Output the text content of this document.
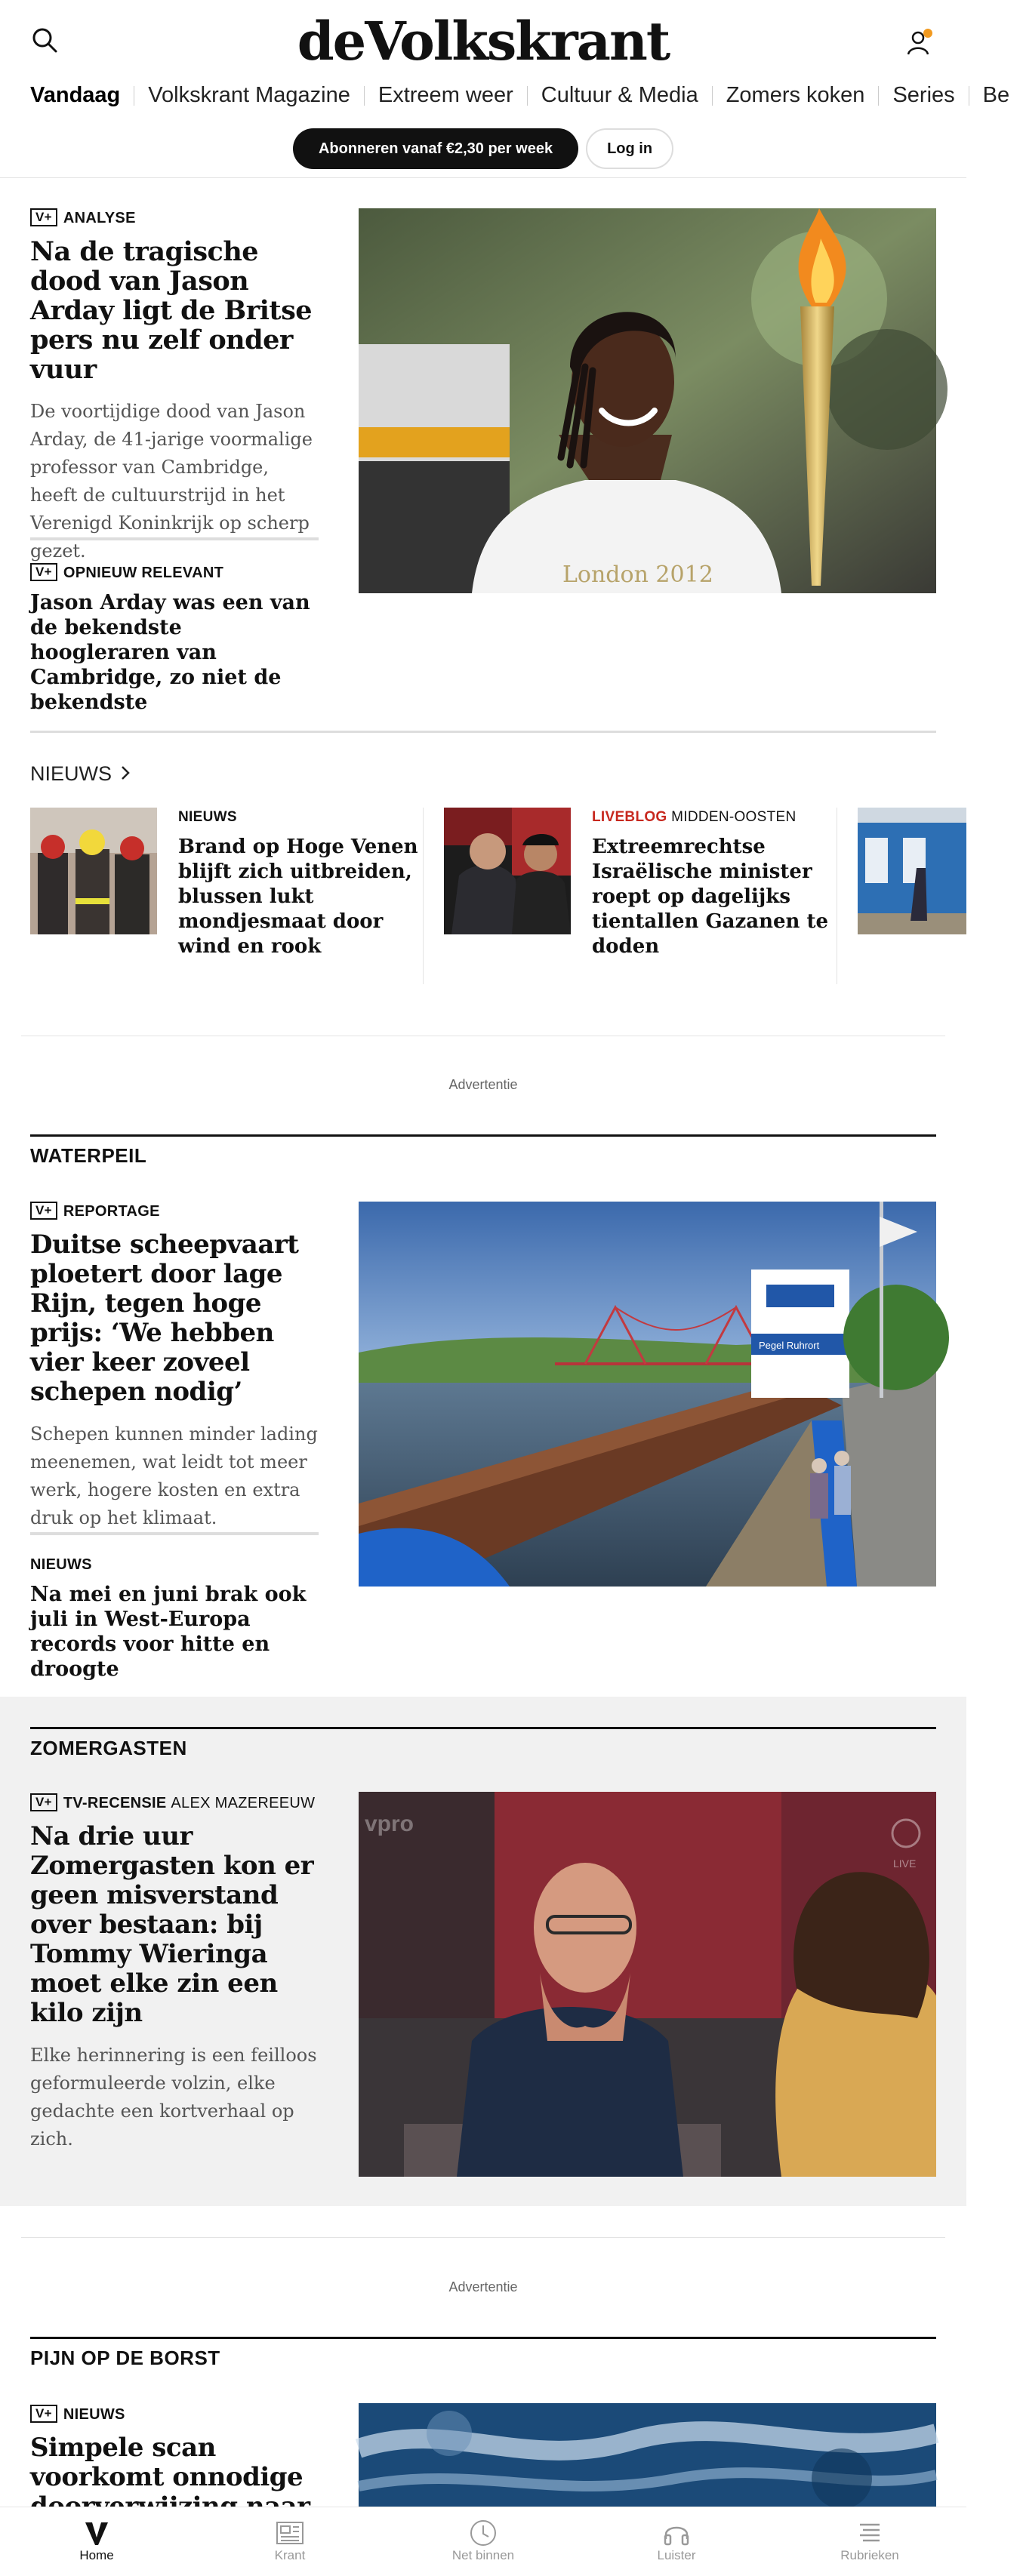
deVolkskrant
Vandaag Volkskrant Magazine Extreem weer Cultuur & Media Zomers koken Series Be
Abonneren vanaf €2,30 per week	Log in
V+ ANALYSE
Na de tragische dood van Jason Arday ligt de Britse pers nu zelf onder vuur
De voortijdige dood van Jason Arday, de 41-jarige voormalige professor van Cambridge, heeft de cultuurstrijd in het Verenigd Koninkrijk op scherp gezet.
V+ OPNIEUW RELEVANT
Jason Arday was een van de bekendste hoogleraren van Cambridge, zo niet de bekendste
London 2012
NIEUWS
NIEUWS
Brand op Hoge Venen blijft zich uitbreiden, blussen lukt mondjesmaat door wind en rook
LIVEBLOG MIDDEN-OOSTEN
Extreemrechtse Israëlische minister roept op dagelijks tientallen Gazanen te doden
Advertentie
WATERPEIL
V+ REPORTAGE
Duitse scheepvaart ploetert door lage Rijn, tegen hoge prijs: ‘We hebben vier keer zoveel schepen nodig’
Schepen kunnen minder lading meenemen, wat leidt tot meer werk, hogere kosten en extra druk op het klimaat.
NIEUWS
Na mei en juni brak ook juli in West-Europa records voor hitte en droogte
Pegel Ruhrort
ZOMERGASTEN
V+ TV-RECENSIE ALEX MAZEREEUW
Na drie uur Zomergasten kon er geen misverstand over bestaan: bij Tommy Wieringa moet elke zin een kilo zijn
Elke herinnering is een feilloos geformuleerde volzin, elke gedachte een kortverhaal op zich.
vpro
LIVE
Advertentie
PIJN OP DE BORST
V+ NIEUWS
Simpele scan voorkomt onnodige
Home	Krant	Net binnen	Luister	Rubrieken
